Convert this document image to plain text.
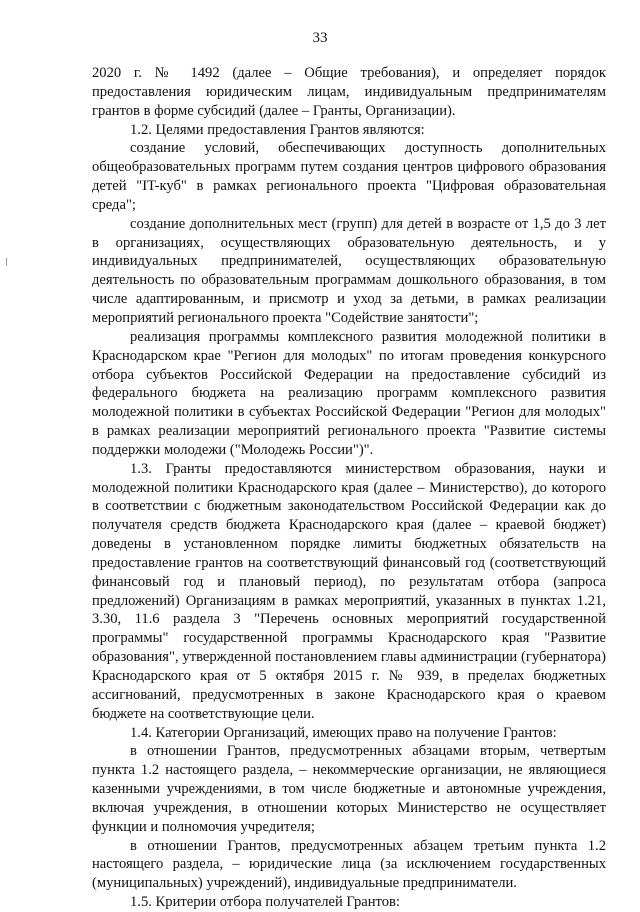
33

2020 г. № 1492 (далее – Общие требования), и определяет порядок предоставления юридическим лицам, индивидуальным предпринимателям грантов в форме субсидий (далее – Гранты, Организации).

1.2. Целями предоставления Грантов являются:

создание условий, обеспечивающих доступность дополнительных общеобразовательных программ путем создания центров цифрового образования детей "IT-куб" в рамках регионального проекта "Цифровая образовательная среда";

создание дополнительных мест (групп) для детей в возрасте от 1,5 до 3 лет в организациях, осуществляющих образовательную деятельность, и у индивидуальных предпринимателей, осуществляющих образовательную деятельность по образовательным программам дошкольного образования, в том числе адаптированным, и присмотр и уход за детьми, в рамках реализации мероприятий регионального проекта "Содействие занятости";

реализация программы комплексного развития молодежной политики в Краснодарском крае "Регион для молодых" по итогам проведения конкурсного отбора субъектов Российской Федерации на предоставление субсидий из федерального бюджета на реализацию программ комплексного развития молодежной политики в субъектах Российской Федерации "Регион для молодых" в рамках реализации мероприятий регионального проекта "Развитие системы поддержки молодежи ("Молодежь России")".

1.3. Гранты предоставляются министерством образования, науки и молодежной политики Краснодарского края (далее – Министерство), до которого в соответствии с бюджетным законодательством Российской Федерации как до получателя средств бюджета Краснодарского края (далее – краевой бюджет) доведены в установленном порядке лимиты бюджетных обязательств на предоставление грантов на соответствующий финансовый год (соответствующий финансовый год и плановый период), по результатам отбора (запроса предложений) Организациям в рамках мероприятий, указанных в пунктах 1.21, 3.30, 11.6 раздела 3 "Перечень основных мероприятий государственной программы" государственной программы Краснодарского края "Развитие образования", утвержденной постановлением главы администрации (губернатора) Краснодарского края от 5 октября 2015 г. № 939, в пределах бюджетных ассигнований, предусмотренных в законе Краснодарского края о краевом бюджете на соответствующие цели.

1.4. Категории Организаций, имеющих право на получение Грантов:

в отношении Грантов, предусмотренных абзацами вторым, четвертым пункта 1.2 настоящего раздела, – некоммерческие организации, не являющиеся казенными учреждениями, в том числе бюджетные и автономные учреждения, включая учреждения, в отношении которых Министерство не осуществляет функции и полномочия учредителя;

в отношении Грантов, предусмотренных абзацем третьим пункта 1.2 настоящего раздела, – юридические лица (за исключением государственных (муниципальных) учреждений), индивидуальные предприниматели.

1.5. Критерии отбора получателей Грантов:
